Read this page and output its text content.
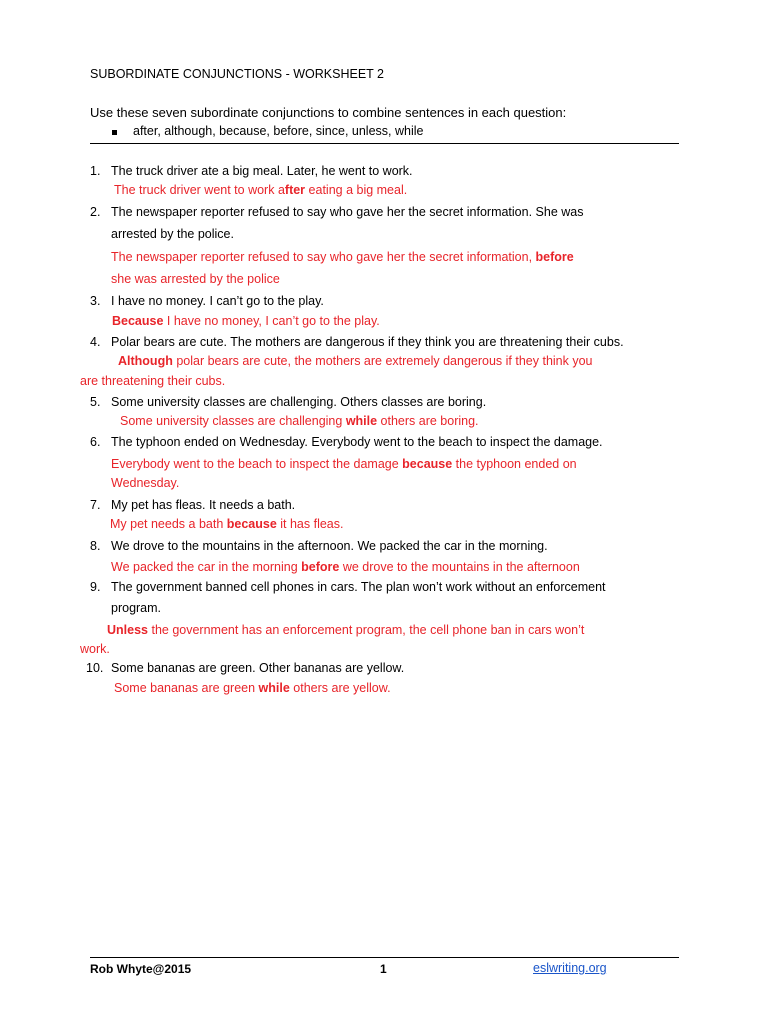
SUBORDINATE CONJUNCTIONS - WORKSHEET 2
Use these seven subordinate conjunctions to combine sentences in each question:
after, although, because, before, since, unless, while
1. The truck driver ate a big meal. Later, he went to work.
The truck driver went to work after eating a big meal.
2. The newspaper reporter refused to say who gave her the secret information. She was
arrested by the police.
The newspaper reporter refused to say who gave her the secret information, before
she was arrested by the police
3. I have no money. I can’t go to the play.
Because I have no money, I can’t go to the play.
4. Polar bears are cute. The mothers are dangerous if they think you are threatening their cubs.
Although polar bears are cute, the mothers are extremely dangerous if they think you
are threatening their cubs.
5. Some university classes are challenging. Others classes are boring.
Some university classes are challenging while others are boring.
6. The typhoon ended on Wednesday. Everybody went to the beach to inspect the damage.
Everybody went to the beach to inspect the damage because the typhoon ended on
Wednesday.
7. My pet has fleas. It needs a bath.
My pet needs a bath because it has fleas.
8. We drove to the mountains in the afternoon. We packed the car in the morning.
We packed the car in the morning before we drove to the mountains in the afternoon
9. The government banned cell phones in cars. The plan won’t work without an enforcement
program.
Unless the government has an enforcement program, the cell phone ban in cars won’t
work.
10. Some bananas are green. Other bananas are yellow.
Some bananas are green while others are yellow.
Rob Whyte@2015	1	eslwriting.org
